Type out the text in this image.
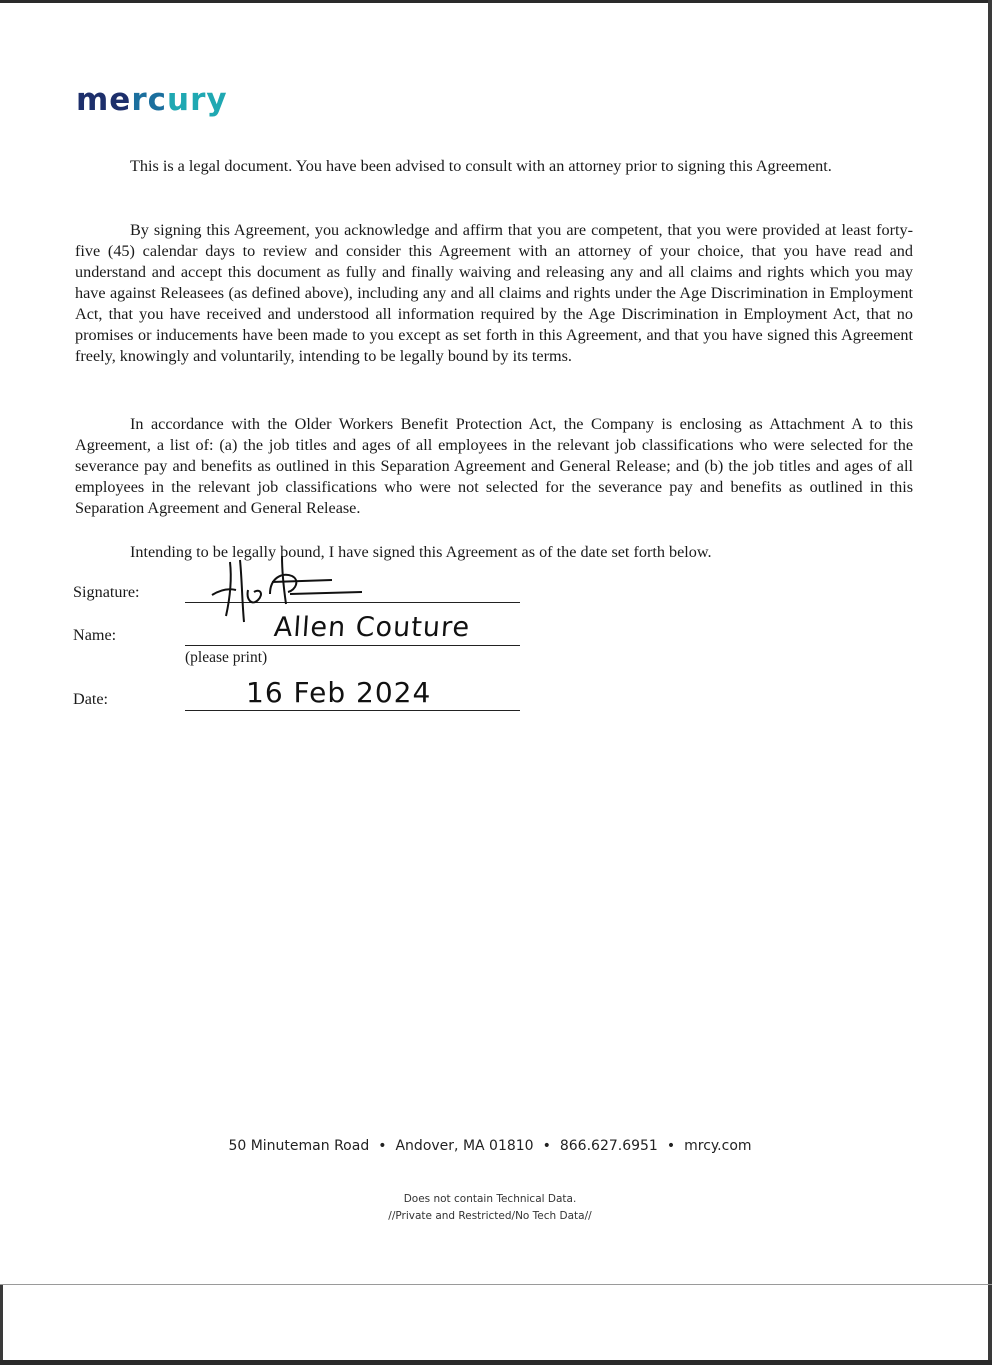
mercury

This is a legal document. You have been advised to consult with an attorney prior to signing this Agreement.

By signing this Agreement, you acknowledge and affirm that you are competent, that you were provided at least forty-five (45) calendar days to review and consider this Agreement with an attorney of your choice, that you have read and understand and accept this document as fully and finally waiving and releasing any and all claims and rights which you may have against Releasees (as defined above), including any and all claims and rights under the Age Discrimination in Employment Act, that you have received and understood all information required by the Age Discrimination in Employment Act, that no promises or inducements have been made to you except as set forth in this Agreement, and that you have signed this Agreement freely, knowingly and voluntarily, intending to be legally bound by its terms.

In accordance with the Older Workers Benefit Protection Act, the Company is enclosing as Attachment A to this Agreement, a list of: (a) the job titles and ages of all employees in the relevant job classifications who were selected for the severance pay and benefits as outlined in this Separation Agreement and General Release; and (b) the job titles and ages of all employees in the relevant job classifications who were not selected for the severance pay and benefits as outlined in this Separation Agreement and General Release.

Intending to be legally bound, I have signed this Agreement as of the date set forth below.

Signature:
Name:	Allen Couture
(please print)
Date:	16 Feb 2024
50 Minuteman Road • Andover, MA 01810 • 866.627.6951 • mrcy.com
Does not contain Technical Data.
//Private and Restricted/No Tech Data//
